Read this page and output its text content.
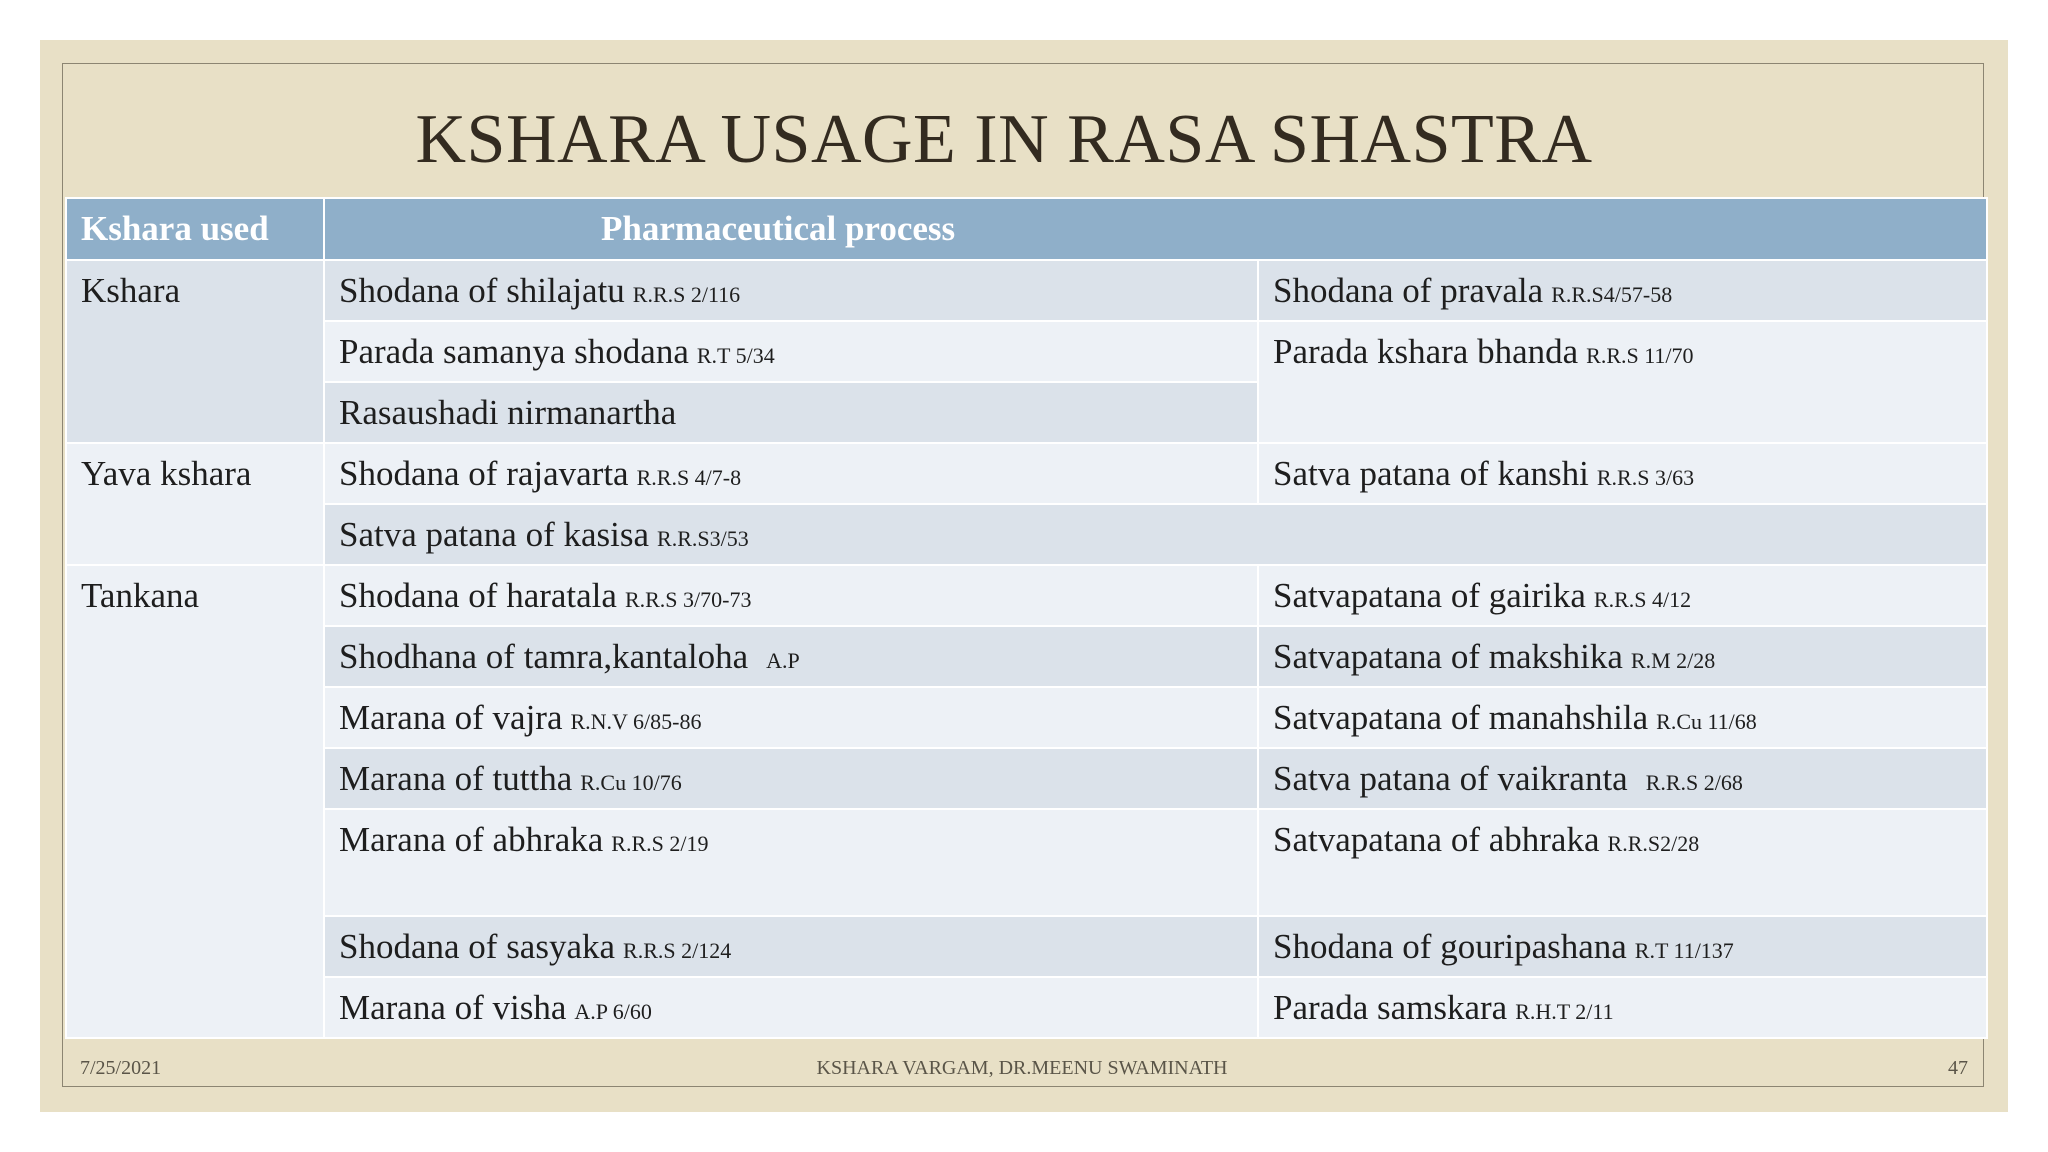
KSHARA USAGE IN RASA SHASTRA
Kshara used	Pharmaceutical process	
Kshara	Shodana of shilajatu R.R.S 2/116	Shodana of pravala R.R.S4/57-58
	Parada samanya shodana R.T 5/34	Parada kshara bhanda R.R.S 11/70
	Rasaushadi nirmanartha	
Yava kshara	Shodana of rajavarta R.R.S 4/7-8	Satva patana of kanshi R.R.S 3/63
	Satva patana of kasisa R.R.S3/53	
Tankana	Shodana of haratala R.R.S 3/70-73	Satvapatana of gairika R.R.S 4/12
	Shodhana of tamra,kantaloha A.P	Satvapatana of makshika R.M 2/28
	Marana of vajra R.N.V 6/85-86	Satvapatana of manahshila R.Cu 11/68
	Marana of tuttha R.Cu 10/76	Satva patana of vaikranta R.R.S 2/68
	Marana of abhraka R.R.S 2/19	Satvapatana of abhraka R.R.S2/28
	Shodana of sasyaka R.R.S 2/124	Shodana of gouripashana R.T 11/137
	Marana of visha A.P 6/60	Parada samskara R.H.T 2/11
7/25/2021	KSHARA VARGAM, DR.MEENU SWAMINATH	47
